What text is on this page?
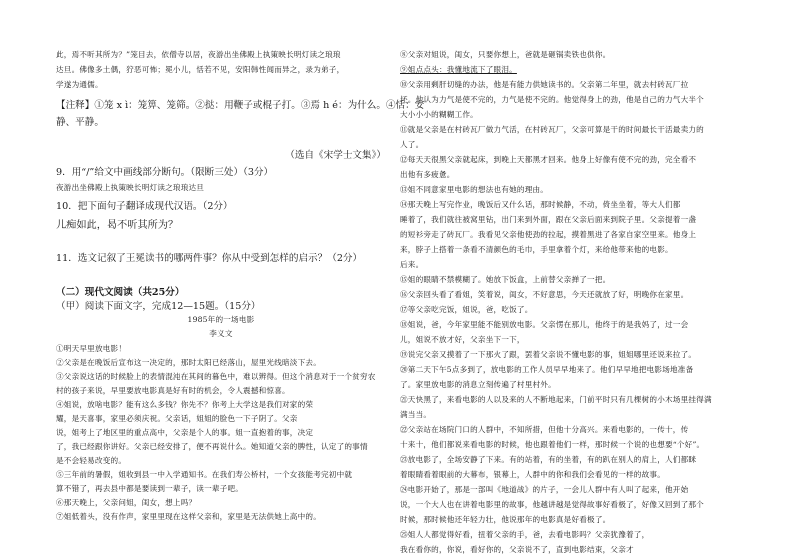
此，焉不听其所为？”笼目去，依僧寺以居，夜游出坐佛殿上执策映长明灯读之琅琅
达旦。佛像多土偶，狞恶可怖；冕小儿，恬若不见，安阳韩性闻而异之，录为弟子，
学遂为通儒。
【注释】①笼 x ì：笼箅、笼筛。②挞：用鞭子或棍子打。③焉 h é：为什么。④恬：安
静、平静。
（选自《宋学士文集》）
9．用“/”给文中画线部分断句。（限断三处）（3分）
夜游出坐佛殿上执策映长明灯读之琅琅达旦
10．把下面句子翻译成现代汉语。（2分）
儿痴如此，曷不听其所为？
11．选文记叙了王冕读书的哪两件事？你从中受到怎样的启示？（2分）
（二）现代文阅读（共25分）
（甲）阅读下面文字，完成12—15题。（15分）
1985年的一场电影
李义文
①明天早里放电影！
②父亲是在晚饭后宣布这一决定的，那时太阳已经落山，屋里光线暗淡下去。
③父亲说这话的时候脸上的表情混沌在其间的暮色中，难以辨得。但这个消息对于一个贫穷农
村的孩子来说，早里要放电影真是好有时的机会，令人震撼和惊喜。
④姐说，放啥电影？能有这么多钱？你先不？你考上大学这是我们对家的荣
耀，是天喜事，家里必须庆祝。父亲话，姐姐的脸色一下子阴了。父亲
说，姐考上了地区里的重点高中，父亲是个人的事。姐一直抱着的事，决定
了，我已经跟你讲好。父亲已经安排了，便不再说什么。她知道父亲的脾性，认定了的事情
是不会轻易改变的。
⑤三年前的暑假，姐收到县一中入学通知书。在我们寿公桥村，一个女孩能考完初中就
算不错了，再去县中都是要读到一辈子，读一辈子吧。
⑥那天晚上，父亲问姐，闺女，想上吗？
⑦姐低着头，没有作声，家里里现在这样父亲和，家里是无法供她上高中的。
⑧父亲对姐说，闺女，只要你想上，爸就是砸锅卖铁也供你。
⑨姐点点头：我懂地流下了眼泪。
⑩父亲用剩肝切缝的办法，他是有能力供她读书的。父亲第二年里，就去村砖瓦厂拉
坯。他认为力气是使不完的，力气是使不完的。他觉得身上的劲，他是自己的力气大半个
大小小小的糊糊工作。
⑪就是父亲是在村砖瓦厂做力气活，在村砖瓦厂，父亲可算是干的时间最长干活最卖力的
人了。
⑫每天天很黑父亲就起床，到晚上天都黑才回来。他身上好像有使不完的劲，完全看不
出他有多疲惫。
⑬姐不同意家里电影的想法也有她的理由。
⑭那天晚上写完作业，晚饭后又什么话，那时候静，不动，倚坐坐着，等大人们都
睡着了，我们就往被窝里钻，出门来到外面，跟在父亲后面来到院子里。父亲提着一盏
的短衫旁走了砖瓦厂。我看见父亲他使劲的拉起，摸着黑进了各家自家空里来。他身上
来，脖子上搭着一条看不清颜色的毛巾，手里拿着个灯，来给他带来他的电影。
后来。
⑮姐的眼睛不禁模糊了。她放下饭盒，上前替父亲掸了一把。
⑯父亲回头看了看姐，笑着说，闺女，不好意思，今天还就放了好，明晚你在家里。
⑰等父亲吃完饭，姐说，爸，吃饭了。
⑱姐说，爸，今年家里能不能别放电影。父亲愣在那儿，他终于的是我妈了，过一会
儿，姐说不放才好，父亲坐下一下，
⑲说完父亲又摸着了一下那火了跟，罢着父亲说不懂电影的事，姐姐哪里还说来拉了。
⑳第二天下午5点多到了，放电影的工作人员早早地来了。他们早早地把电影场地准备
了。家里放电影的消息立刻传遍了村里村外。
㉑天快黑了，来看电影的人以及来的人不断地起来，门前平时只有几棵树的小木场里挂得满
满当当。
㉒父亲站在场院门口的人群中，不知所措，但他十分高兴。来看电影的，一传十，传
十来十，他们都说来看电影的时候，他也跟着他们一样，那时候一个说的也想要“个好”。
㉓放电影了，全场安静了下来。有的站着，有的坐着，有的趴在别人的肩上，人们都眯
着眼睛看着眼前的大幕布，银幕上，人群中的你和我们会看见的一样的故事。
㉔电影开始了，那是一部叫《地道战》的片子，一会儿人群中有人叫了起来，他开始
说，一个大人也在讲着电影里的故事，他越讲越是觉得故事好看极了，好像又回到了那个
时候，那时候他还年轻力壮，他说那年的电影真是好看极了。
㉕姐人人都觉得好看，扭着父亲的手，爸，去看电影吗？父亲犹豫着了，
我在看你的，你说，看好你的，父亲说不了，直到电影结束，父亲才
